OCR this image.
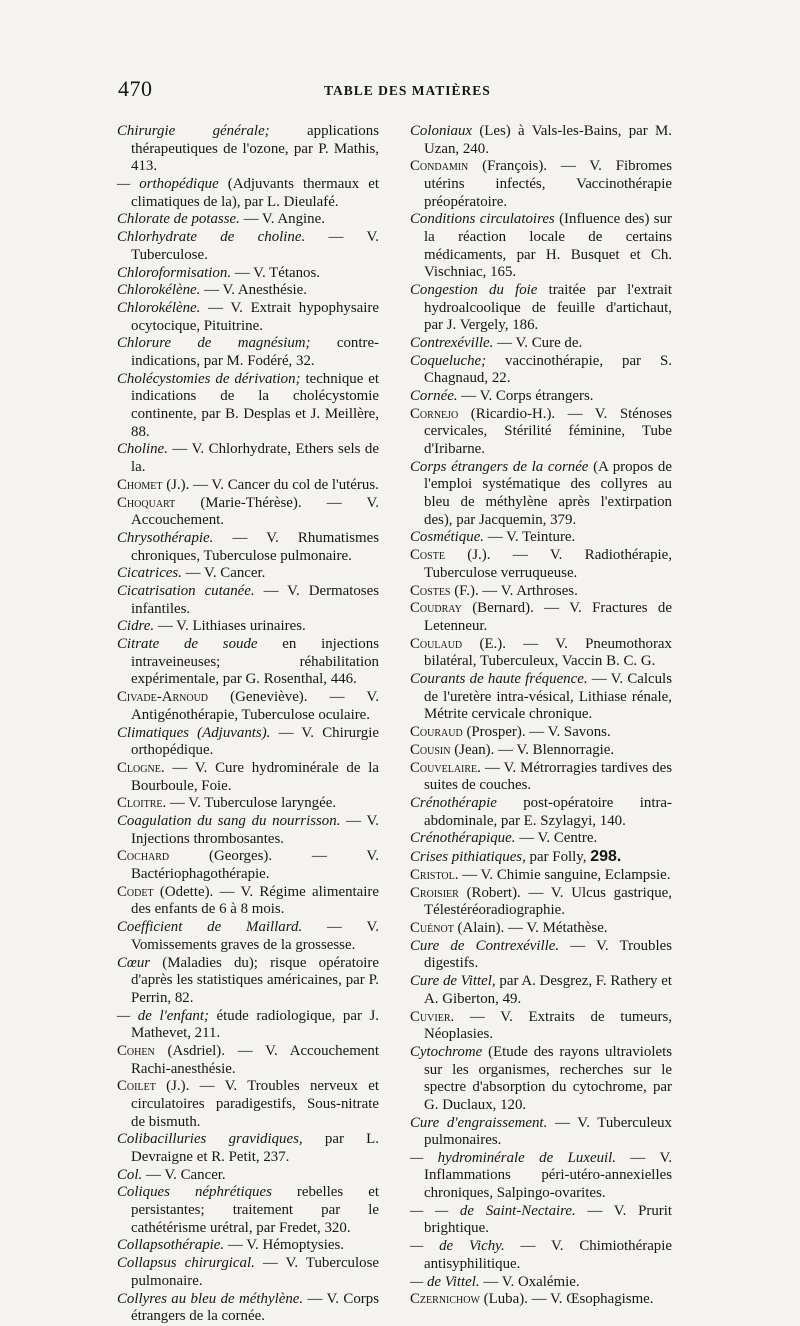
470	TABLE DES MATIÈRES

Chirurgie générale; applications thérapeutiques de l'ozone, par P. Mathis, 413.

— orthopédique (Adjuvants thermaux et climatiques de la), par L. Dieulafé.

Chlorate de potasse. — V. Angine.

Chlorhydrate de choline. — V. Tuberculose.

Chloroformisation. — V. Tétanos.

Chlorokélène. — V. Anesthésie.

Chlorokélène. — V. Extrait hypophysaire ocytocique, Pituitrine.

Chlorure de magnésium; contre-indications, par M. Fodéré, 32.

Cholécystomies de dérivation; technique et indications de la cholécystomie continente, par B. Desplas et J. Meillère, 88.

Choline. — V. Chlorhydrate, Ethers sels de la.

Chomet (J.). — V. Cancer du col de l'utérus.

Choquart (Marie-Thérèse). — V. Accouchement.

Chrysothérapie. — V. Rhumatismes chroniques, Tuberculose pulmonaire.

Cicatrices. — V. Cancer.

Cicatrisation cutanée. — V. Dermatoses infantiles.

Cidre. — V. Lithiases urinaires.

Citrate de soude en injections intraveineuses; réhabilitation expérimentale, par G. Rosenthal, 446.

Civade-Arnoud (Geneviève). — V. Antigénothérapie, Tuberculose oculaire.

Climatiques (Adjuvants). — V. Chirurgie orthopédique.

Clogne. — V. Cure hydrominérale de la Bourboule, Foie.

Cloitre. — V. Tuberculose laryngée.

Coagulation du sang du nourrisson. — V. Injections thrombosantes.

Cochard (Georges). — V. Bactériophagothérapie.

Codet (Odette). — V. Régime alimentaire des enfants de 6 à 8 mois.

Coefficient de Maillard. — V. Vomissements graves de la grossesse.

Cœur (Maladies du); risque opératoire d'après les statistiques américaines, par P. Perrin, 82.

— de l'enfant; étude radiologique, par J. Mathevet, 211.

Cohen (Asdriel). — V. Accouchement Rachi-anesthésie.

Coilet (J.). — V. Troubles nerveux et circulatoires paradigestifs, Sous-nitrate de bismuth.

Colibacilluries gravidiques, par L. Devraigne et R. Petit, 237.

Col. — V. Cancer.

Coliques néphrétiques rebelles et persistantes; traitement par le cathétérisme urétral, par Fredet, 320.

Collapsothérapie. — V. Hémoptysies.

Collapsus chirurgical. — V. Tuberculose pulmonaire.

Collyres au bleu de méthylène. — V. Corps étrangers de la cornée.

Coloniaux (Les) à Vals-les-Bains, par M. Uzan, 240.

Condamin (François). — V. Fibromes utérins infectés, Vaccinothérapie préopératoire.

Conditions circulatoires (Influence des) sur la réaction locale de certains médicaments, par H. Busquet et Ch. Vischniac, 165.

Congestion du foie traitée par l'extrait hydroalcoolique de feuille d'artichaut, par J. Vergely, 186.

Contrexéville. — V. Cure de.

Coqueluche; vaccinothérapie, par S. Chagnaud, 22.

Cornée. — V. Corps étrangers.

Cornejo (Ricardio-H.). — V. Sténoses cervicales, Stérilité féminine, Tube d'Iribarne.

Corps étrangers de la cornée (A propos de l'emploi systématique des collyres au bleu de méthylène après l'extirpation des), par Jacquemin, 379.

Cosmétique. — V. Teinture.

Coste (J.). — V. Radiothérapie, Tuberculose verruqueuse.

Costes (F.). — V. Arthroses.

Coudray (Bernard). — V. Fractures de Letenneur.

Coulaud (E.). — V. Pneumothorax bilatéral, Tuberculeux, Vaccin B. C. G.

Courants de haute fréquence. — V. Calculs de l'uretère intra-vésical, Lithiase rénale, Métrite cervicale chronique.

Couraud (Prosper). — V. Savons.

Cousin (Jean). — V. Blennorragie.

Couvelaire. — V. Métrorragies tardives des suites de couches.

Crénothérapie post-opératoire intra-abdominale, par E. Szylagyi, 140.

Crénothérapique. — V. Centre.

Crises pithiatiques, par Folly, 298.

Cristol. — V. Chimie sanguine, Eclampsie.

Croisier (Robert). — V. Ulcus gastrique, Télestéréoradiographie.

Cuénot (Alain). — V. Métathèse.

Cure de Contrexéville. — V. Troubles digestifs.

Cure de Vittel, par A. Desgrez, F. Rathery et A. Giberton, 49.

Cuvier. — V. Extraits de tumeurs, Néoplasies.

Cytochrome (Etude des rayons ultraviolets sur les organismes, recherches sur le spectre d'absorption du cytochrome, par G. Duclaux, 120.

Cure d'engraissement. — V. Tuberculeux pulmonaires.

— hydrominérale de Luxeuil. — V. Inflammations péri-utéro-annexielles chroniques, Salpingo-ovarites.

— — de Saint-Nectaire. — V. Prurit brightique.

— de Vichy. — V. Chimiothérapie antisyphilitique.

— de Vittel. — V. Oxalémie.

Czernichow (Luba). — V. Œsophagisme.
